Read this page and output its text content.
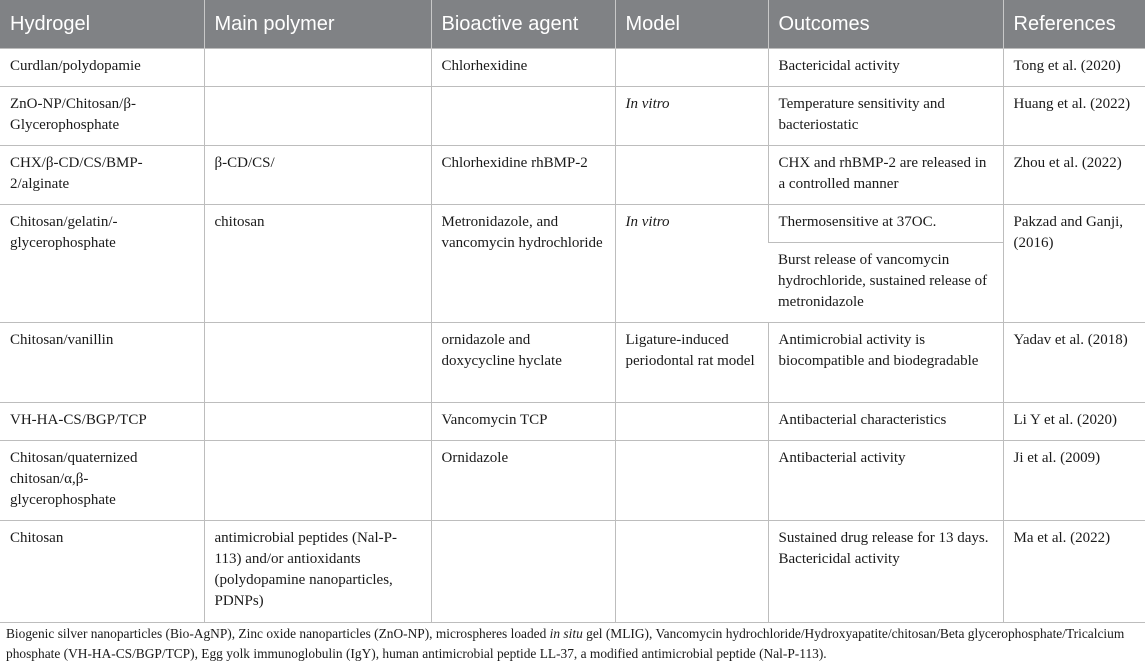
Hydrogel	Main polymer	Bioactive agent	Model	Outcomes	References
Curdlan/polydopamie		Chlorhexidine		Bactericidal activity	Tong et al. (2020)
ZnO-NP/Chitosan/β-Glycerophosphate			In vitro	Temperature sensitivity and bacteriostatic	Huang et al. (2022)
CHX/β-CD/CS/BMP-2/alginate	β-CD/CS/	Chlorhexidine rhBMP-2		CHX and rhBMP-2 are released in a controlled manner	Zhou et al. (2022)
Chitosan/gelatin/-glycerophosphate	chitosan	Metronidazole, and vancomycin hydrochloride	In vitro	Thermosensitive at 37OC.	Pakzad and Ganji, (2016)
				Burst release of vancomycin hydrochloride, sustained release of metronidazole	
Chitosan/vanillin		ornidazole and doxycycline hyclate	Ligature-induced periodontal rat model	Antimicrobial activity is biocompatible and biodegradable	Yadav et al. (2018)
VH-HA-CS/BGP/TCP		Vancomycin TCP		Antibacterial characteristics	Li Y et al. (2020)
Chitosan/quaternized chitosan/α,β-glycerophosphate		Ornidazole		Antibacterial activity	Ji et al. (2009)
Chitosan	antimicrobial peptides (Nal-P-113) and/or antioxidants (polydopamine nanoparticles, PDNPs)			Sustained drug release for 13 days. Bactericidal activity	Ma et al. (2022)
Biogenic silver nanoparticles (Bio-AgNP), Zinc oxide nanoparticles (ZnO-NP), microspheres loaded in situ gel (MLIG), Vancomycin hydrochloride/Hydroxyapatite/chitosan/Beta glycerophosphate/Tricalcium phosphate (VH-HA-CS/BGP/TCP), Egg yolk immunoglobulin (IgY), human antimicrobial peptide LL-37, a modified antimicrobial peptide (Nal-P-113).
